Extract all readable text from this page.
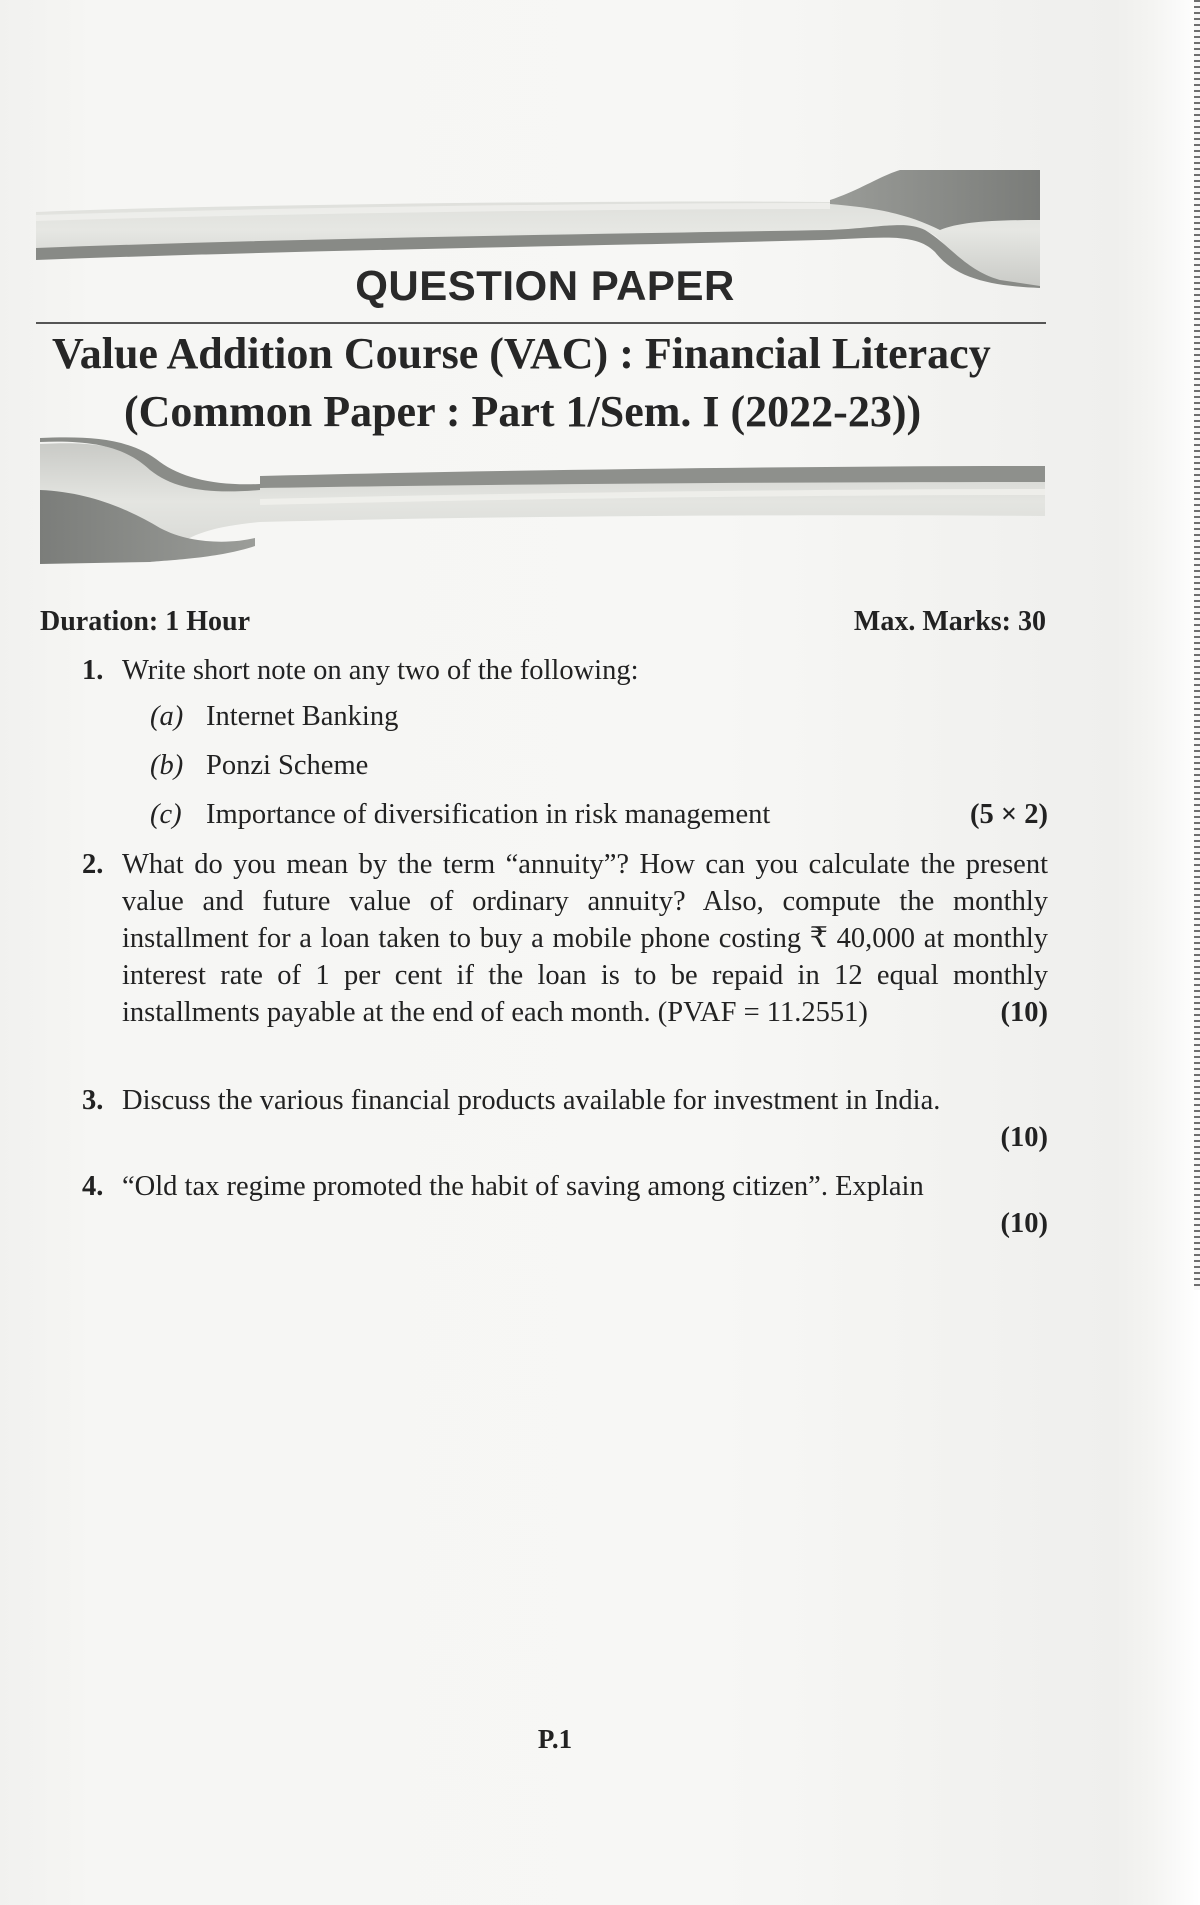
QUESTION PAPER
Value Addition Course (VAC) : Financial Literacy
(Common Paper : Part 1/Sem. I (2022-23))
Duration: 1 Hour	Max. Marks: 30
1. Write short note on any two of the following:
(a) Internet Banking
(b) Ponzi Scheme
(c) Importance of diversification in risk management	(5 × 2)
2. What do you mean by the term “annuity”? How can you calculate the present value and future value of ordinary annuity? Also, compute the monthly installment for a loan taken to buy a mobile phone costing ₹ 40,000 at monthly interest rate of 1 per cent if the loan is to be repaid in 12 equal monthly installments payable at the end of each month. (PVAF = 11.2551)	(10)
3. Discuss the various financial products available for investment in India.
(10)
4. “Old tax regime promoted the habit of saving among citizen”. Explain
(10)
P.1
